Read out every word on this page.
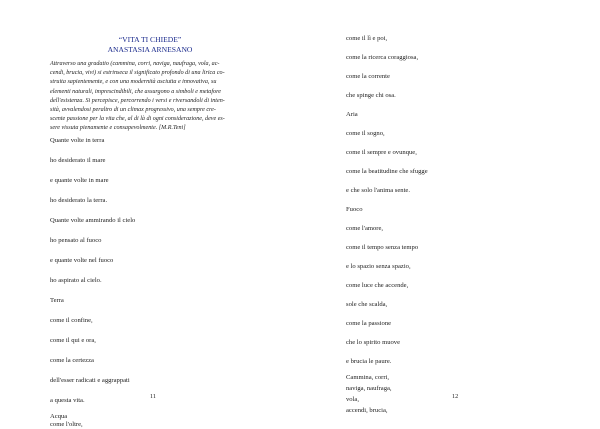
“VITA TI CHIEDE”
ANASTASIA ARNESANO
Attraverso una gradatio (cammina, corri, naviga, naufraga, vola, ac-
cendi, brucia, vivi) si estrinseca il significato profondo di una lirica co-
struita sapientemente, e con una modernità asciutta e innovativa, su
elementi naturali, imprescindibili, che assurgono a simboli e metafore
dell'esistenza. Si percepisce, percorrendo i versi e riversandoli di inten-
sità, avvalendosi peraltro di un climax progressivo, una sempre cre-
scente passione per la vita che, al di là di ogni considerazione, deve es-
sere vissuta pienamente e consapevolmente. [M.R.Teni]
Quante volte in terra
ho desiderato il mare
e quante volte in mare
ho desiderato la terra.
Quante volte ammirando il cielo
ho pensato al fuoco
e quante volte nel fuoco
ho aspirato al cielo.
Terra
come il confine,
come il qui e ora,
come la certezza
dell'esser radicati e aggrappati
a questa vita.
Acqua
come l'oltre,
11
come il lì e poi,
come la ricerca coraggiosa,
come la corrente
che spinge chi osa.
Aria
come il sogno,
come il sempre e ovunque,
come la beatitudine che sfugge
e che solo l'anima sente.
Fuoco
come l'amore,
come il tempo senza tempo
e lo spazio senza spazio,
come luce che accende,
sole che scalda,
come la passione
che lo spirito muove
e brucia le paure.
Cammina, corri,
naviga, naufraga,
vola,
accendi, brucia,
12
